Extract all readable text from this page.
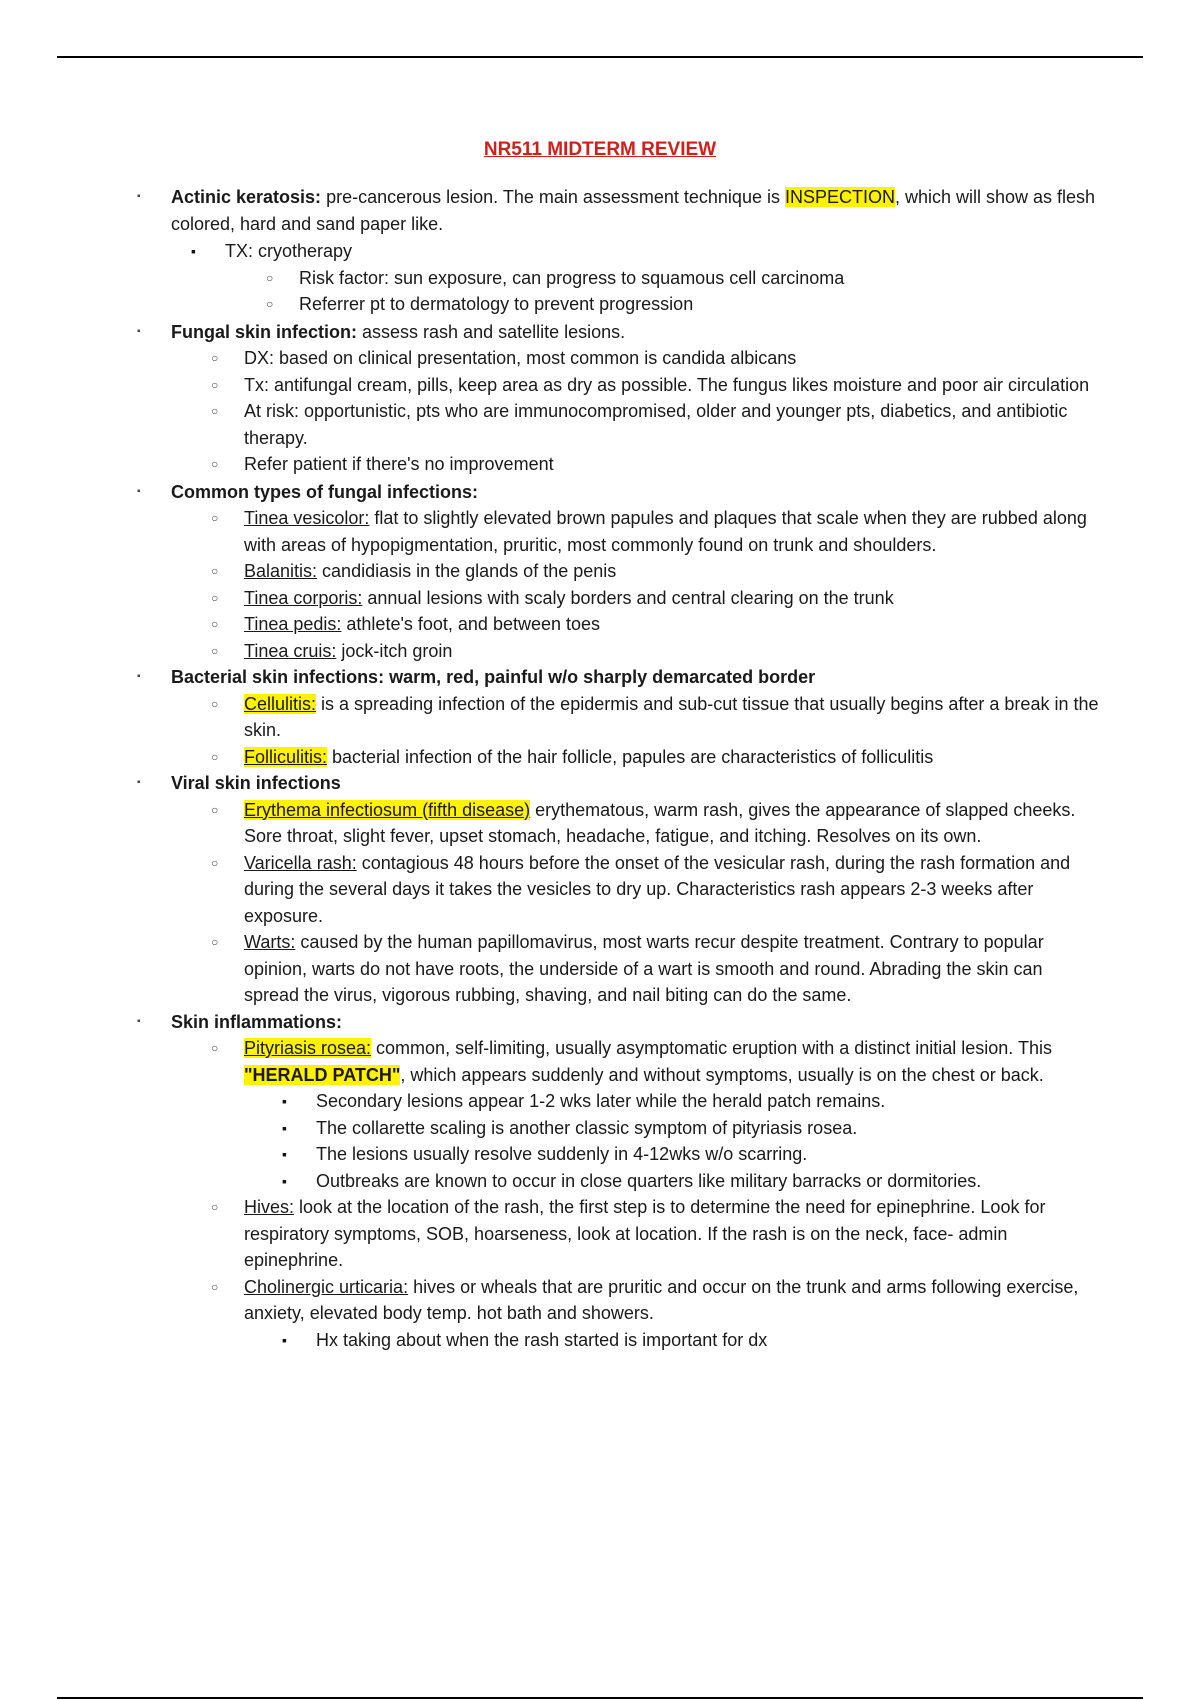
NR511 MIDTERM REVIEW
▪ Actinic keratosis: pre-cancerous lesion. The main assessment technique is INSPECTION, which will show as flesh colored, hard and sand paper like.
▪ TX: cryotherapy
○ Risk factor: sun exposure, can progress to squamous cell carcinoma
○ Referrer pt to dermatology to prevent progression
▪ Fungal skin infection: assess rash and satellite lesions.
○ DX: based on clinical presentation, most common is candida albicans
○ Tx: antifungal cream, pills, keep area as dry as possible. The fungus likes moisture and poor air circulation
○ At risk: opportunistic, pts who are immunocompromised, older and younger pts, diabetics, and antibiotic therapy.
○ Refer patient if there's no improvement
▪ Common types of fungal infections:
○ Tinea vesicolor: flat to slightly elevated brown papules and plaques that scale when they are rubbed along with areas of hypopigmentation, pruritic, most commonly found on trunk and shoulders.
○ Balanitis: candidiasis in the glands of the penis
○ Tinea corporis: annual lesions with scaly borders and central clearing on the trunk
○ Tinea pedis: athlete's foot, and between toes
○ Tinea cruis: jock-itch groin
▪ Bacterial skin infections: warm, red, painful w/o sharply demarcated border
○ Cellulitis: is a spreading infection of the epidermis and sub-cut tissue that usually begins after a break in the skin.
○ Folliculitis: bacterial infection of the hair follicle, papules are characteristics of folliculitis
▪ Viral skin infections
○ Erythema infectiosum (fifth disease) erythematous, warm rash, gives the appearance of slapped cheeks. Sore throat, slight fever, upset stomach, headache, fatigue, and itching. Resolves on its own.
○ Varicella rash: contagious 48 hours before the onset of the vesicular rash, during the rash formation and during the several days it takes the vesicles to dry up. Characteristics rash appears 2-3 weeks after exposure.
○ Warts: caused by the human papillomavirus, most warts recur despite treatment. Contrary to popular opinion, warts do not have roots, the underside of a wart is smooth and round. Abrading the skin can spread the virus, vigorous rubbing, shaving, and nail biting can do the same.
▪ Skin inflammations:
○ Pityriasis rosea: common, self-limiting, usually asymptomatic eruption with a distinct initial lesion. This "HERALD PATCH", which appears suddenly and without symptoms, usually is on the chest or back.
▪ Secondary lesions appear 1-2 wks later while the herald patch remains.
▪ The collarette scaling is another classic symptom of pityriasis rosea.
▪ The lesions usually resolve suddenly in 4-12wks w/o scarring.
▪ Outbreaks are known to occur in close quarters like military barracks or dormitories.
○ Hives: look at the location of the rash, the first step is to determine the need for epinephrine. Look for respiratory symptoms, SOB, hoarseness, look at location. If the rash is on the neck, face- admin epinephrine.
○ Cholinergic urticaria: hives or wheals that are pruritic and occur on the trunk and arms following exercise, anxiety, elevated body temp. hot bath and showers.
▪ Hx taking about when the rash started is important for dx
